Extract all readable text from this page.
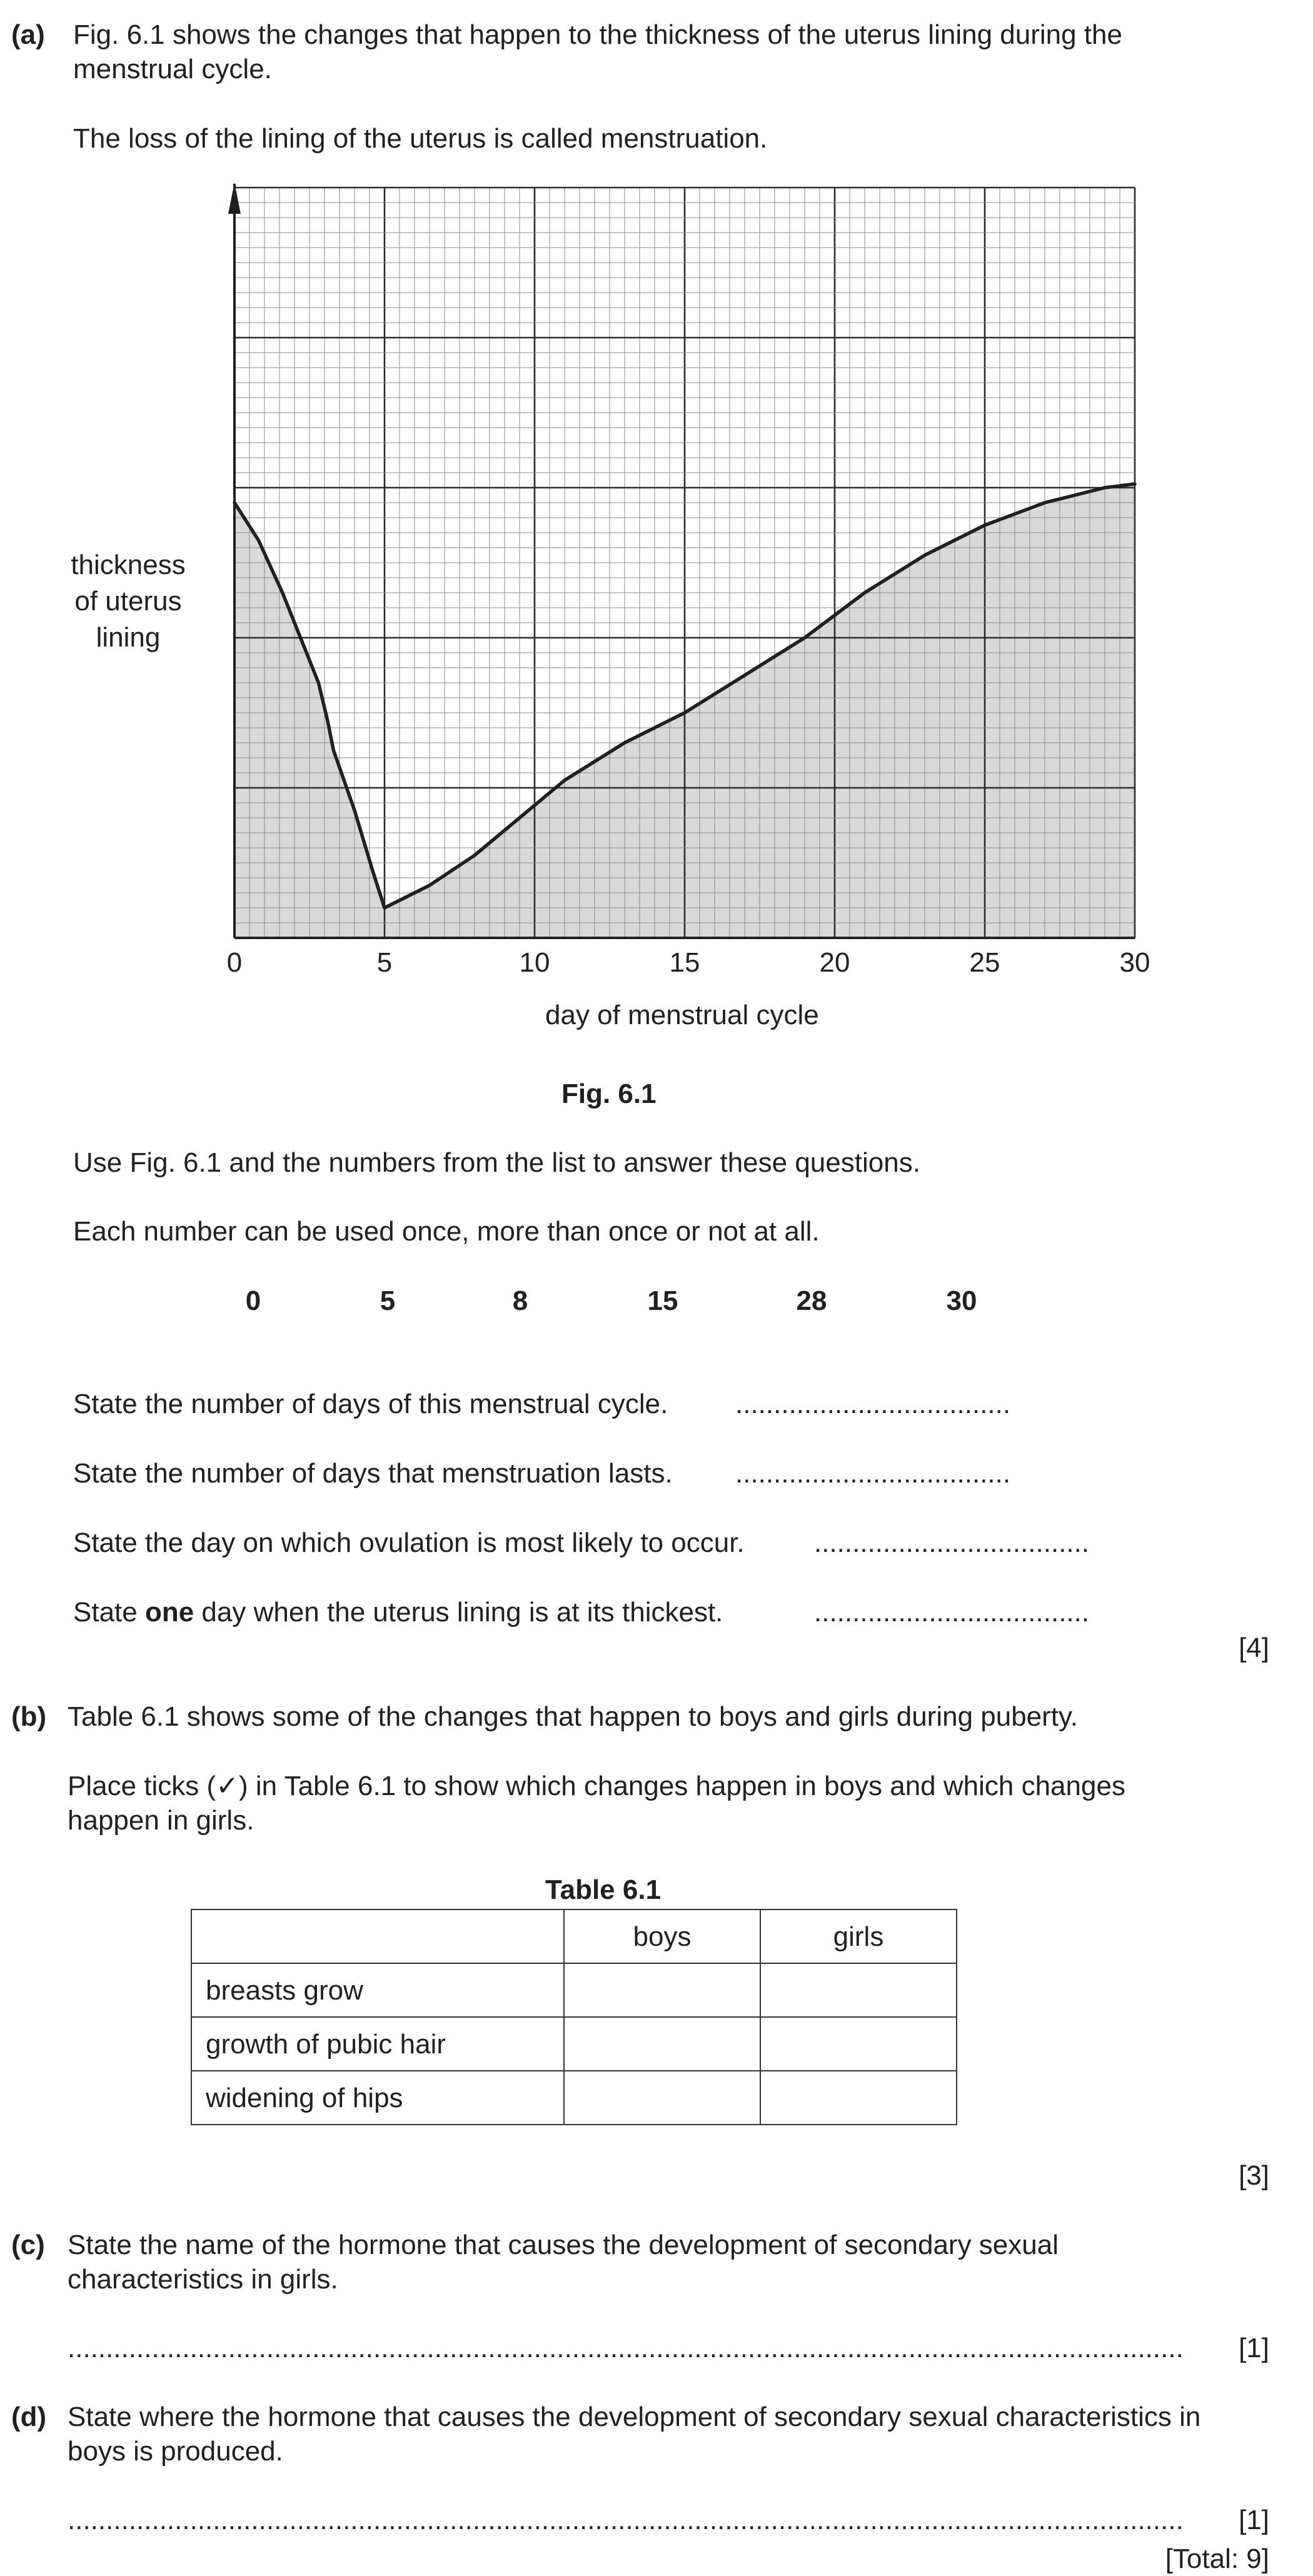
(a) Fig. 6.1 shows the changes that happen to the thickness of the uterus lining during the
menstrual cycle.
The loss of the lining of the uterus is called menstruation.
thickness of uterus lining
0	5	10	15	20	25	30
day of menstrual cycle
Fig. 6.1
Use Fig. 6.1 and the numbers from the list to answer these questions.
Each number can be used once, more than once or not at all.
0	5	8	15	28	30
State the number of days of this menstrual cycle. ....................................
State the number of days that menstruation lasts. ....................................
State the day on which ovulation is most likely to occur.	....................................
State one day when the uterus lining is at its thickest.	....................................
[4]
(b) Table 6.1 shows some of the changes that happen to boys and girls during puberty.
Place ticks (✓) in Table 6.1 to show which changes happen in boys and which changes
happen in girls.
Table 6.1
	boys	girls
breasts grow		
growth of pubic hair		
widening of hips		
[3]
(c) State the name of the hormone that causes the development of secondary sexual
characteristics in girls.
..................................................................................................................................................	[1]
(d) State where the hormone that causes the development of secondary sexual characteristics in
boys is produced.
..................................................................................................................................................	[1]
[Total: 9]
